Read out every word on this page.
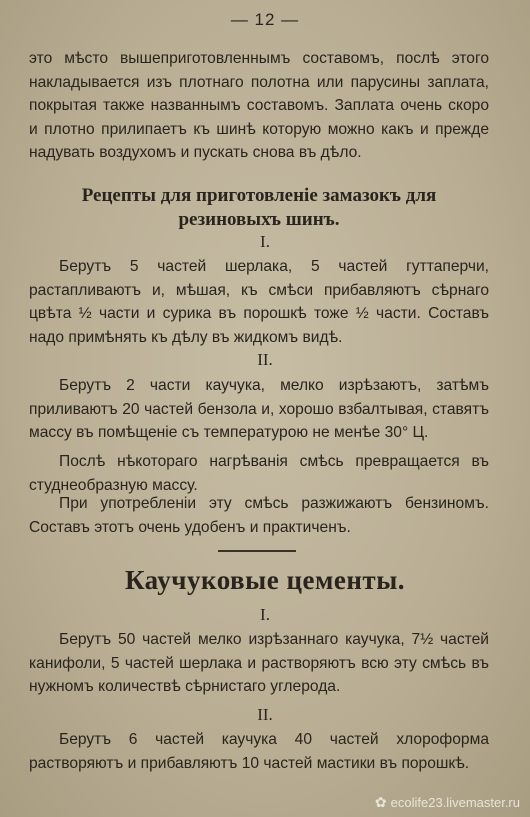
— 12 —
это мѣсто вышеприготовленнымъ составомъ, послѣ этого накладывается изъ плотнаго полотна или парусины заплата, покрытая также названнымъ составомъ. Заплата очень скоро и плотно прилипаетъ къ шинѣ которую можно какъ и прежде надувать воздухомъ и пускать снова въ дѣло.
Рецепты для приготовленіе замазокъ для резиновыхъ шинъ.
I.
Берутъ 5 частей шерлака, 5 частей гуттаперчи, растапливаютъ и, мѣшая, къ смѣси прибавляютъ сѣрнаго цвѣта ½ части и сурика въ порошкѣ тоже ½ части. Составъ надо примѣнять къ дѣлу въ жидкомъ видѣ.
II.
Берутъ 2 части каучука, мелко изрѣзаютъ, затѣмъ приливаютъ 20 частей бензола и, хорошо взбалтывая, ставятъ массу въ помѣщеніе съ температурою не менѣе 30° Ц.
Послѣ нѣкотораго нагрѣванія смѣсь превращается въ студнеобразную массу.
При употребленіи эту смѣсь разжижаютъ бензиномъ. Составъ этотъ очень удобенъ и практиченъ.
Каучуковые цементы.
I.
Берутъ 50 частей мелко изрѣзаннаго каучука, 7½ частей канифоли, 5 частей шерлака и растворяютъ всю эту смѣсь въ нужномъ количествѣ сѣрнистаго углерода.
II.
Берутъ 6 частей каучука 40 частей хлороформа растворяютъ и прибавляютъ 10 частей мастики въ порошкѣ.
✿ ecolife23.livemaster.ru
